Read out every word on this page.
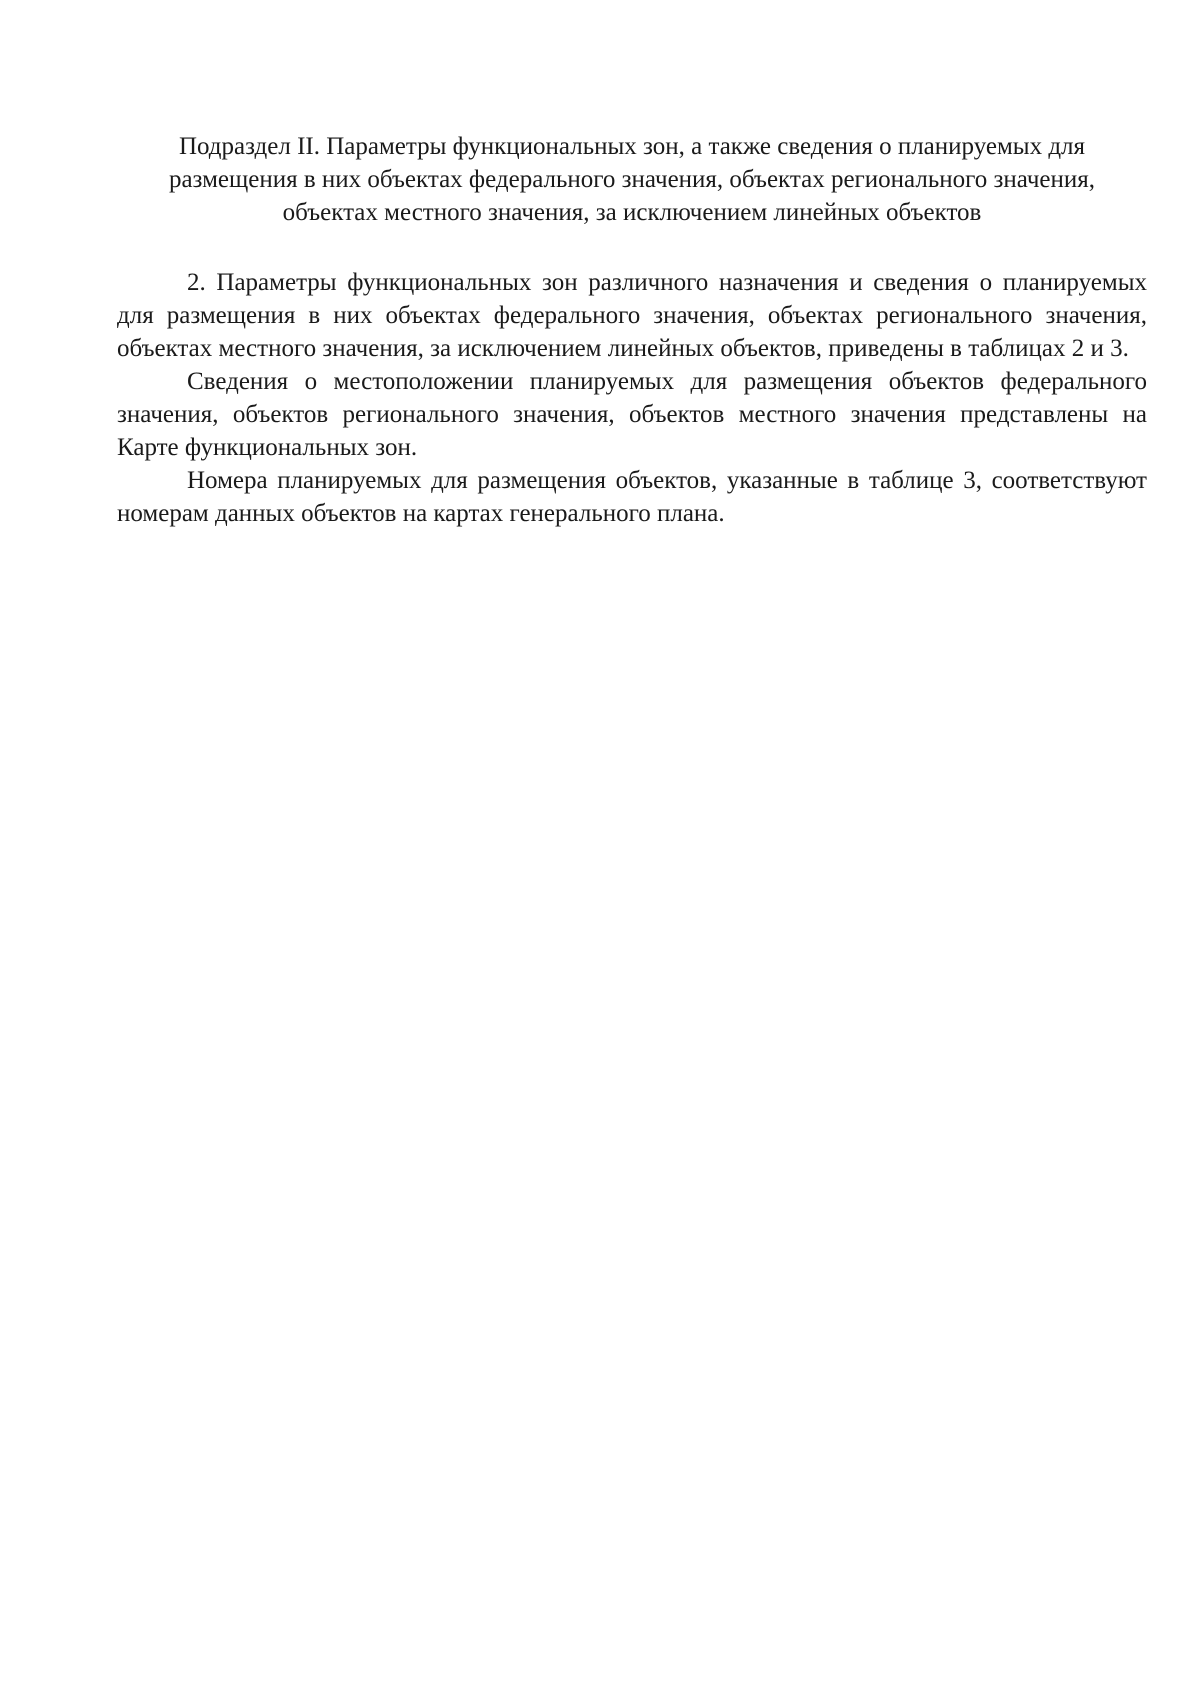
Подраздел II. Параметры функциональных зон, а также сведения о планируемых для размещения в них объектах федерального значения, объектах регионального значения, объектах местного значения, за исключением линейных объектов

2. Параметры функциональных зон различного назначения и сведения о планируемых для размещения в них объектах федерального значения, объектах регионального значения, объектах местного значения, за исключением линейных объектов, приведены в таблицах 2 и 3.

Сведения о местоположении планируемых для размещения объектов федерального значения, объектов регионального значения, объектов местного значения представлены на Карте функциональных зон.

Номера планируемых для размещения объектов, указанные в таблице 3, соответствуют номерам данных объектов на картах генерального плана.
